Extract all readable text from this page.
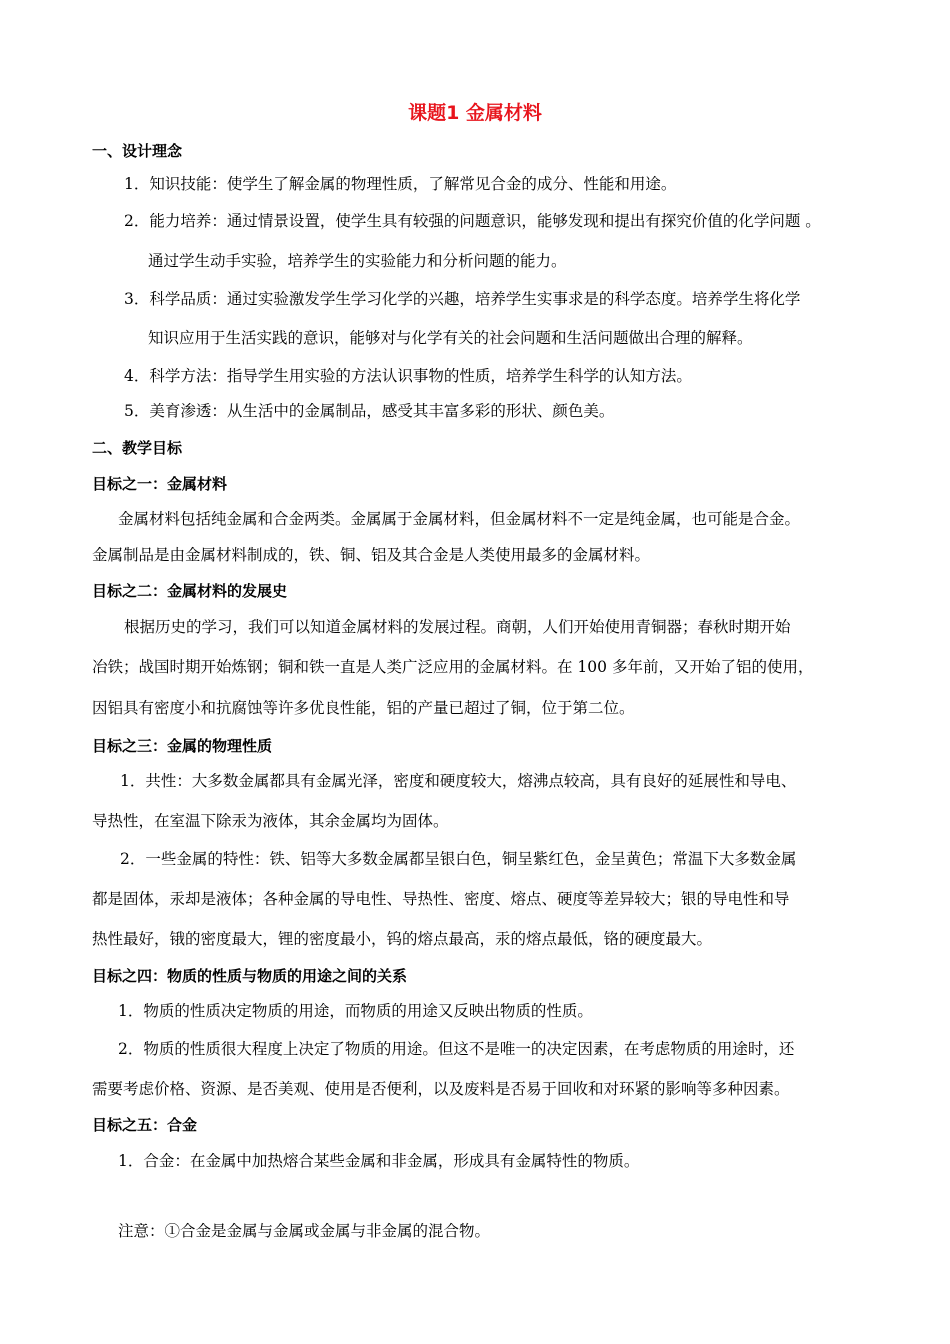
课题1 金属材料
一、设计理念
1．知识技能：使学生了解金属的物理性质，了解常见合金的成分、性能和用途。
2．能力培养：通过情景设置，使学生具有较强的问题意识，能够发现和提出有探究价值的化学问题 。
通过学生动手实验，培养学生的实验能力和分析问题的能力。
3．科学品质：通过实验激发学生学习化学的兴趣，培养学生实事求是的科学态度。培养学生将化学
知识应用于生活实践的意识，能够对与化学有关的社会问题和生活问题做出合理的解释。
4．科学方法：指导学生用实验的方法认识事物的性质，培养学生科学的认知方法。
5．美育渗透：从生活中的金属制品，感受其丰富多彩的形状、颜色美。
二、教学目标
目标之一：金属材料
金属材料包括纯金属和合金两类。金属属于金属材料，但金属材料不一定是纯金属，也可能是合金。
金属制品是由金属材料制成的，铁、铜、铝及其合金是人类使用最多的金属材料。
目标之二：金属材料的发展史
根据历史的学习，我们可以知道金属材料的发展过程。商朝，人们开始使用青铜器；春秋时期开始
冶铁；战国时期开始炼钢；铜和铁一直是人类广泛应用的金属材料。在 100 多年前，又开始了铝的使用，
因铝具有密度小和抗腐蚀等许多优良性能，铝的产量已超过了铜，位于第二位。
目标之三：金属的物理性质
1．共性：大多数金属都具有金属光泽，密度和硬度较大，熔沸点较高，具有良好的延展性和导电、
导热性，在室温下除汞为液体，其余金属均为固体。
2．一些金属的特性：铁、铝等大多数金属都呈银白色，铜呈紫红色，金呈黄色；常温下大多数金属
都是固体，汞却是液体；各种金属的导电性、导热性、密度、熔点、硬度等差异较大；银的导电性和导
热性最好，锇的密度最大，锂的密度最小，钨的熔点最高，汞的熔点最低，铬的硬度最大。
目标之四：物质的性质与物质的用途之间的关系
1．物质的性质决定物质的用途，而物质的用途又反映出物质的性质。
2．物质的性质很大程度上决定了物质的用途。但这不是唯一的决定因素，在考虑物质的用途时，还
需要考虑价格、资源、是否美观、使用是否便利，以及废料是否易于回收和对环紧的影响等多种因素。
目标之五：合金
1．合金：在金属中加热熔合某些金属和非金属，形成具有金属特性的物质。
注意：①合金是金属与金属或金属与非金属的混合物。
